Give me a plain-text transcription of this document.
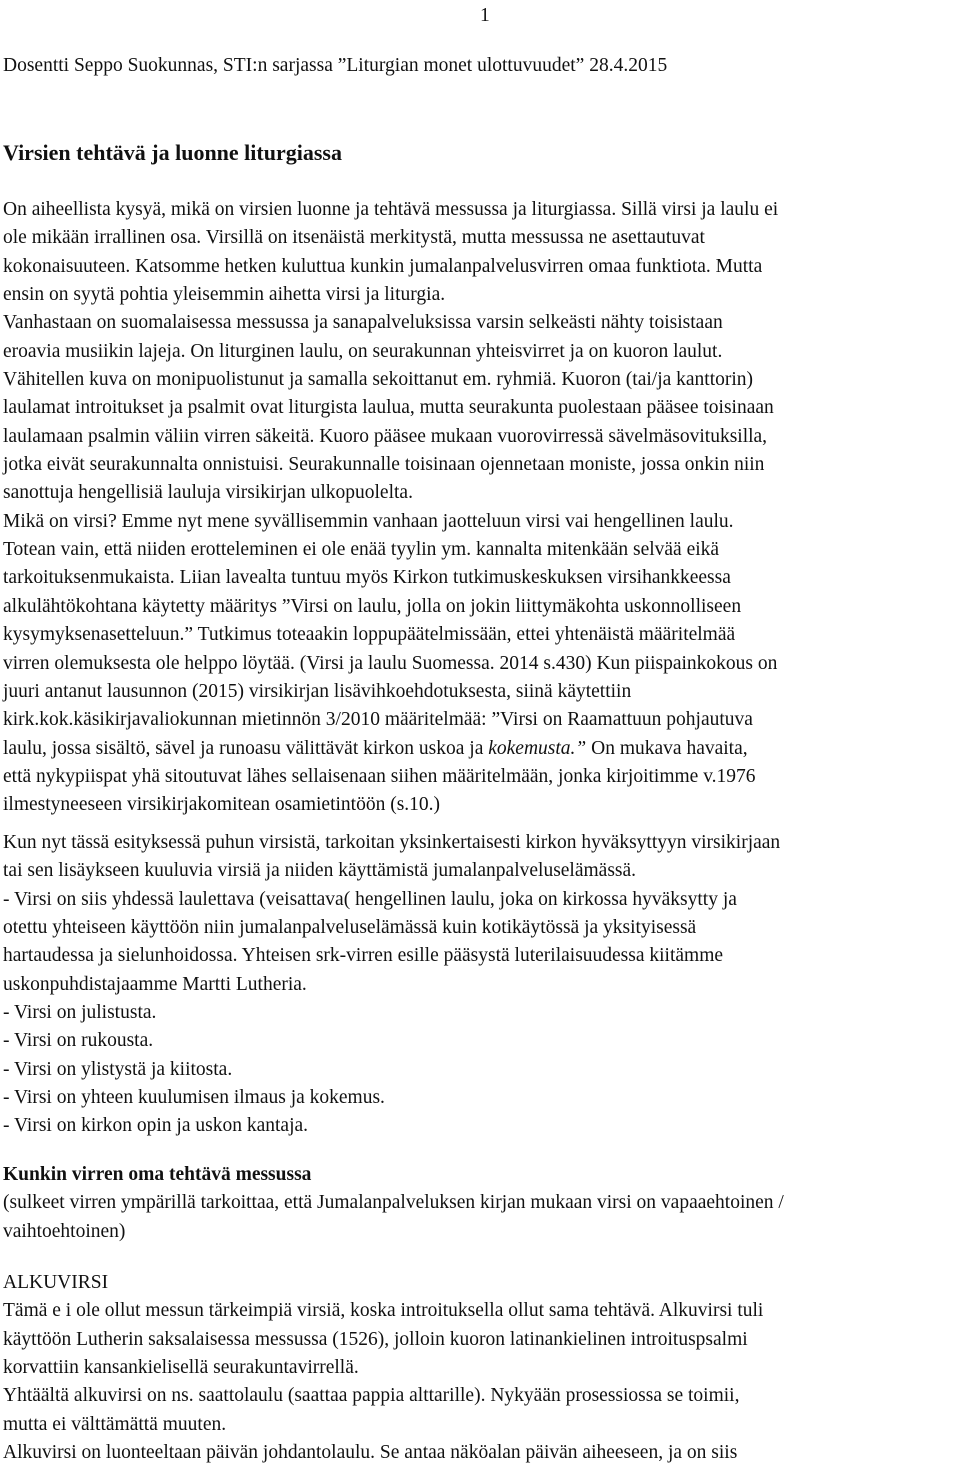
1
Dosentti Seppo Suokunnas, STI:n sarjassa ”Liturgian monet ulottuvuudet” 28.4.2015
Virsien tehtävä ja luonne liturgiassa
On aiheellista kysyä, mikä on virsien luonne ja tehtävä messussa ja liturgiassa. Sillä virsi ja laulu ei
ole mikään irrallinen osa. Virsillä on itsenäistä merkitystä, mutta messussa ne asettautuvat
kokonaisuuteen. Katsomme hetken kuluttua kunkin jumalanpalvelusvirren omaa funktiota. Mutta
ensin on syytä pohtia yleisemmin aihetta virsi ja liturgia.
Vanhastaan on suomalaisessa messussa ja sanapalveluksissa varsin selkeästi nähty toisistaan
eroavia musiikin lajeja. On liturginen laulu, on seurakunnan yhteisvirret ja on kuoron laulut.
Vähitellen kuva on monipuolistunut ja samalla sekoittanut em. ryhmiä. Kuoron (tai/ja kanttorin)
laulamat introitukset ja psalmit ovat liturgista laulua, mutta seurakunta puolestaan pääsee toisinaan
laulamaan psalmin väliin virren säkeitä. Kuoro pääsee mukaan vuorovirressä sävelmäsovituksilla,
jotka eivät seurakunnalta onnistuisi. Seurakunnalle toisinaan ojennetaan moniste, jossa onkin niin
sanottuja hengellisiä lauluja virsikirjan ulkopuolelta.
Mikä on virsi? Emme nyt mene syvällisemmin vanhaan jaotteluun virsi vai hengellinen laulu.
Totean vain, että niiden erotteleminen ei ole enää tyylin ym. kannalta mitenkään selvää eikä
tarkoituksenmukaista. Liian lavealta tuntuu myös Kirkon tutkimuskeskuksen virsihankkeessa
alkulähtökohtana käytetty määritys ”Virsi on laulu, jolla on jokin liittymäkohta uskonnolliseen
kysymyksenasetteluun.” Tutkimus toteaakin loppupäätelmissään, ettei yhtenäistä määritelmää
virren olemuksesta ole helppo löytää. (Virsi ja laulu Suomessa. 2014 s.430) Kun piispainkokous on
juuri antanut lausunnon (2015) virsikirjan lisävihkoehdotuksesta, siinä käytettiin
kirk.kok.käsikirjavaliokunnan mietinnön 3/2010 määritelmää: ”Virsi on Raamattuun pohjautuva
laulu, jossa sisältö, sävel ja runoasu välittävät kirkon uskoa ja kokemusta.” On mukava havaita,
että nykypiispat yhä sitoutuvat lähes sellaisenaan siihen määritelmään, jonka kirjoitimme v.1976
ilmestyneeseen virsikirjakomitean osamietintöön (s.10.)
Kun nyt tässä esityksessä puhun virsistä, tarkoitan yksinkertaisesti kirkon hyväksyttyyn virsikirjaan
tai sen lisäykseen kuuluvia virsiä ja niiden käyttämistä jumalanpalveluselämässä.
- Virsi on siis yhdessä laulettava (veisattava( hengellinen laulu, joka on kirkossa hyväksytty ja
otettu yhteiseen käyttöön niin jumalanpalveluselämässä kuin kotikäytössä ja yksityisessä
hartaudessa ja sielunhoidossa. Yhteisen srk-virren esille pääsystä luterilaisuudessa kiitämme
uskonpuhdistajaamme Martti Lutheria.
- Virsi on julistusta.
- Virsi on rukousta.
- Virsi on ylistystä ja kiitosta.
- Virsi on yhteen kuulumisen ilmaus ja kokemus.
- Virsi on kirkon opin ja uskon kantaja.
Kunkin virren oma tehtävä messussa
(sulkeet virren ympärillä tarkoittaa, että Jumalanpalveluksen kirjan mukaan virsi on vapaaehtoinen /
vaihtoehtoinen)
ALKUVIRSI
Tämä e i ole ollut messun tärkeimpiä virsiä, koska introituksella ollut sama tehtävä. Alkuvirsi tuli
käyttöön Lutherin saksalaisessa messussa (1526), jolloin kuoron latinankielinen introituspsalmi
korvattiin kansankielisellä seurakuntavirrellä.
Yhtäältä alkuvirsi on ns. saattolaulu (saattaa pappia alttarille). Nykyään prosessiossa se toimii,
mutta ei välttämättä muuten.
Alkuvirsi on luonteeltaan päivän johdantolaulu. Se antaa näköalan päivän aiheeseen, ja on siis
